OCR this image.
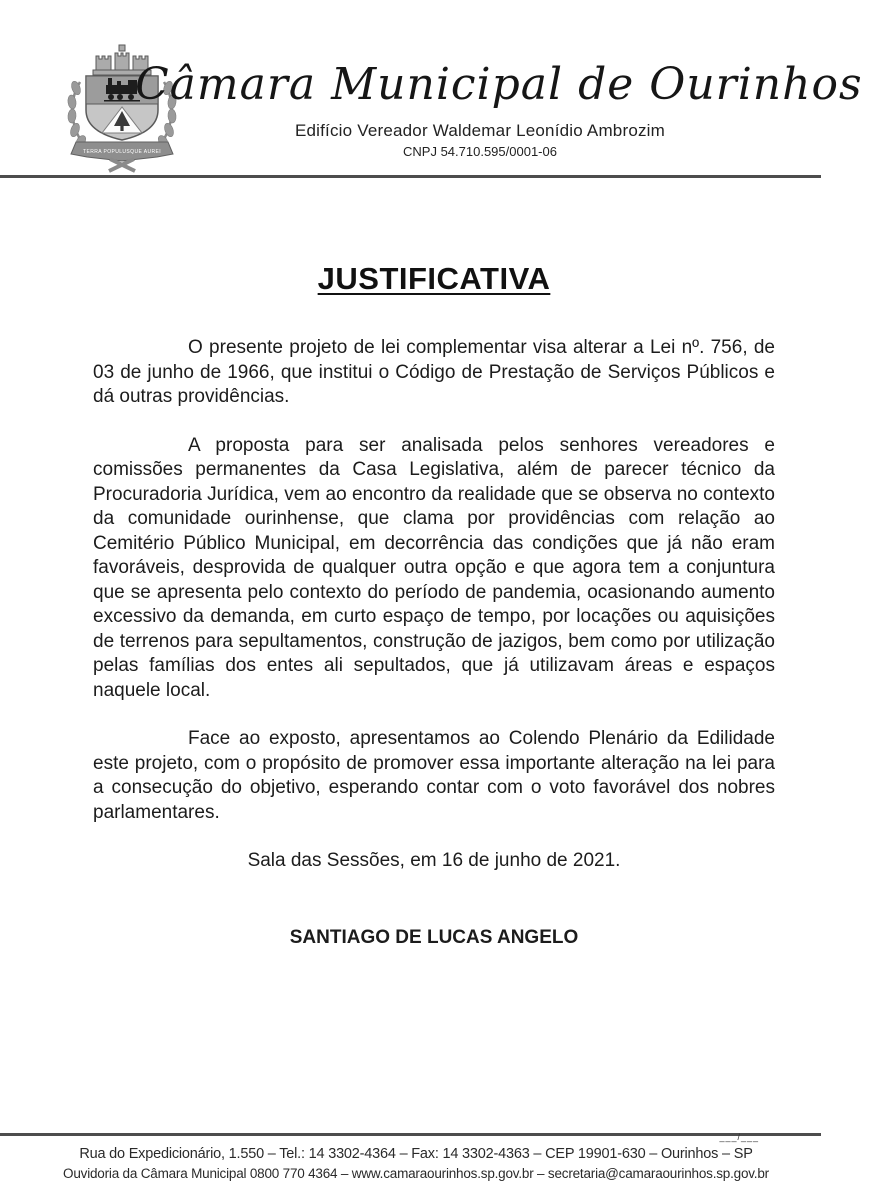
TERRA POPULUSQUE AUREI
Câmara Municipal de Ourinhos
Edifício Vereador Waldemar Leonídio Ambrozim
CNPJ 54.710.595/0001-06
JUSTIFICATIVA

O presente projeto de lei complementar visa alterar a Lei nº. 756, de 03 de junho de 1966, que institui o Código de Prestação de Serviços Públicos e dá outras providências.

A proposta para ser analisada pelos senhores vereadores e comissões permanentes da Casa Legislativa, além de parecer técnico da Procuradoria Jurídica, vem ao encontro da realidade que se observa no contexto da comunidade ourinhense, que clama por providências com relação ao Cemitério Público Municipal, em decorrência das condições que já não eram favoráveis, desprovida de qualquer outra opção e que agora tem a conjuntura que se apresenta pelo contexto do período de pandemia, ocasionando aumento excessivo da demanda, em curto espaço de tempo, por locações ou aquisições de terrenos para sepultamentos, construção de jazigos, bem como por utilização pelas famílias dos entes ali sepultados, que já utilizavam áreas e espaços naquele local.

Face ao exposto, apresentamos ao Colendo Plenário da Edilidade este projeto, com o propósito de promover essa importante alteração na lei para a consecução do objetivo, esperando contar com o voto favorável dos nobres parlamentares.

Sala das Sessões, em 16 de junho de 2021.

SANTIAGO DE LUCAS ANGELO

___/___
Rua do Expedicionário, 1.550 – Tel.: 14 3302-4364 – Fax: 14 3302-4363 – CEP 19901-630 – Ourinhos – SP
Ouvidoria da Câmara Municipal 0800 770 4364 – www.camaraourinhos.sp.gov.br – secretaria@camaraourinhos.sp.gov.br
